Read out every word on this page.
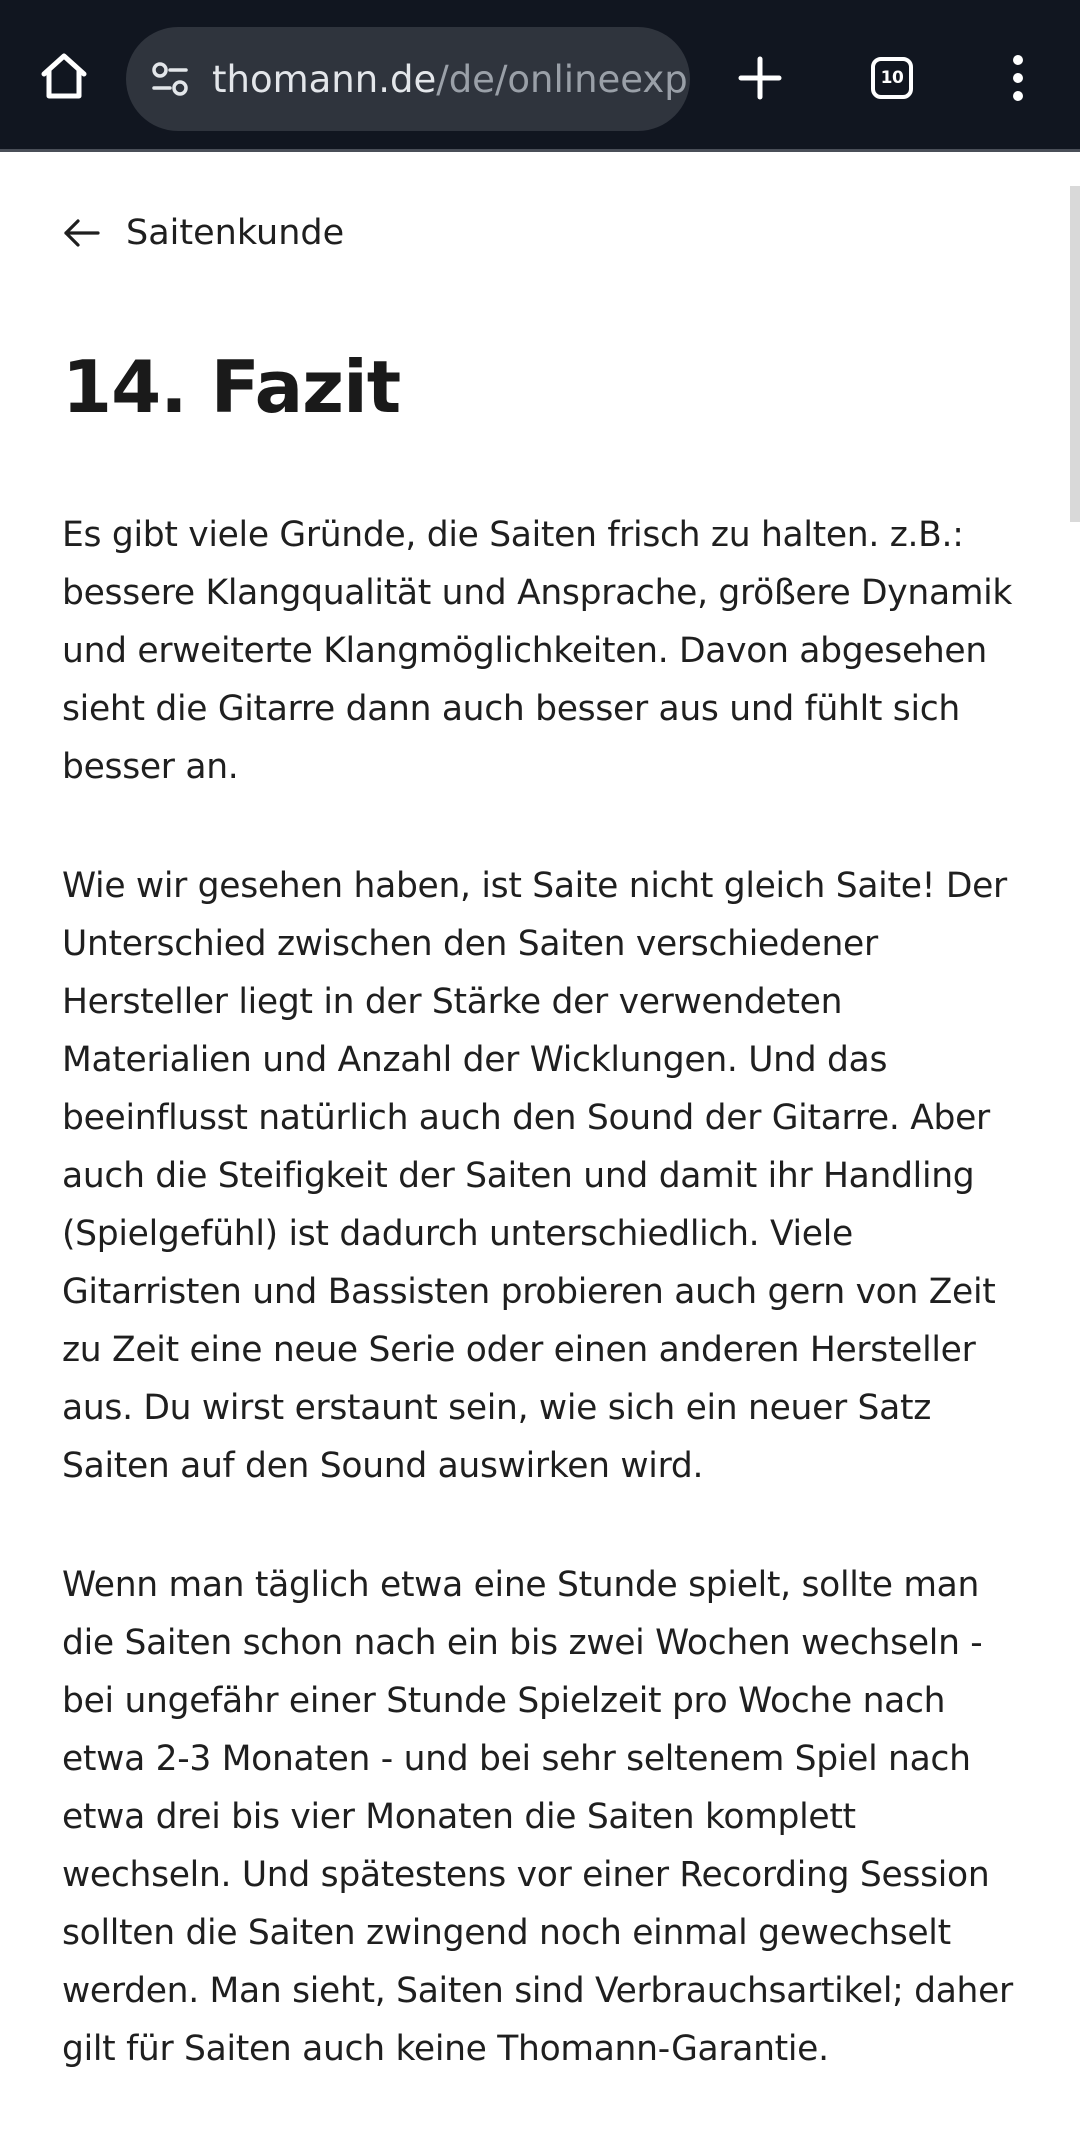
thomann.de/de/onlineexp	10
Saitenkunde
14. Fazit

Es gibt viele Gründe, die Saiten frisch zu halten. z.B.: bessere Klangqualität und Ansprache, größere Dynamik und erweiterte Klangmöglichkeiten. Davon abgesehen sieht die Gitarre dann auch besser aus und fühlt sich besser an.

Wie wir gesehen haben, ist Saite nicht gleich Saite! Der Unterschied zwischen den Saiten verschiedener Hersteller liegt in der Stärke der verwendeten Materialien und Anzahl der Wicklungen. Und das beeinflusst natürlich auch den Sound der Gitarre. Aber auch die Steifigkeit der Saiten und damit ihr Handling (Spielgefühl) ist dadurch unterschiedlich. Viele Gitarristen und Bassisten probieren auch gern von Zeit zu Zeit eine neue Serie oder einen anderen Hersteller aus. Du wirst erstaunt sein, wie sich ein neuer Satz Saiten auf den Sound auswirken wird.

Wenn man täglich etwa eine Stunde spielt, sollte man die Saiten schon nach ein bis zwei Wochen wechseln - bei ungefähr einer Stunde Spielzeit pro Woche nach etwa 2-3 Monaten - und bei sehr seltenem Spiel nach etwa drei bis vier Monaten die Saiten komplett wechseln. Und spätestens vor einer Recording Session sollten die Saiten zwingend noch einmal gewechselt werden. Man sieht, Saiten sind Verbrauchsartikel; daher gilt für Saiten auch keine Thomann-Garantie.
